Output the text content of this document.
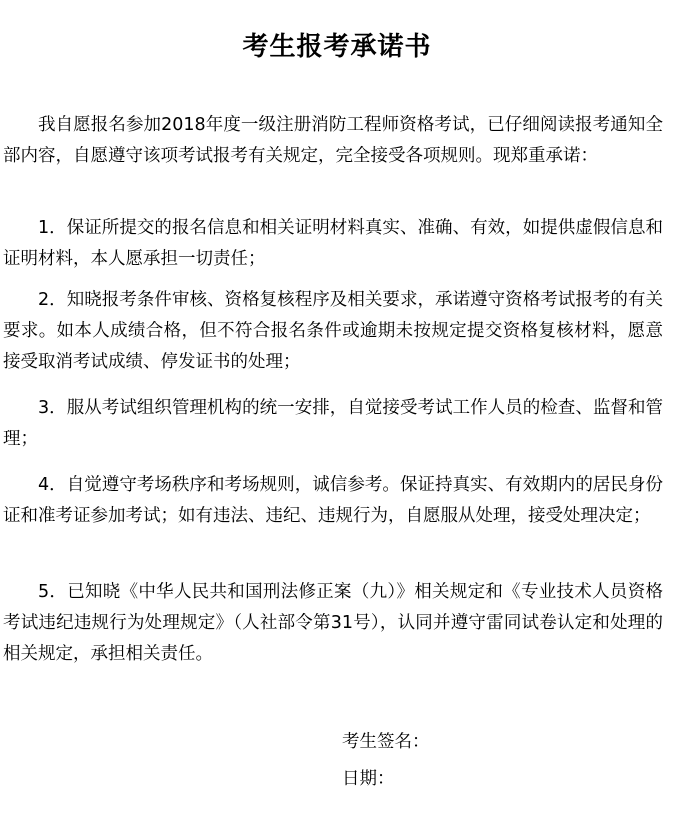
考生报考承诺书

我自愿报名参加2018年度一级注册消防工程师资格考试，已仔细阅读报考通知全部内容，自愿遵守该项考试报考有关规定，完全接受各项规则。现郑重承诺：

1．保证所提交的报名信息和相关证明材料真实、准确、有效，如提供虚假信息和证明材料，本人愿承担一切责任；

2．知晓报考条件审核、资格复核程序及相关要求，承诺遵守资格考试报考的有关要求。如本人成绩合格，但不符合报名条件或逾期未按规定提交资格复核材料，愿意接受取消考试成绩、停发证书的处理；

3．服从考试组织管理机构的统一安排，自觉接受考试工作人员的检查、监督和管理；

4．自觉遵守考场秩序和考场规则，诚信参考。保证持真实、有效期内的居民身份证和准考证参加考试；如有违法、违纪、违规行为，自愿服从处理，接受处理决定；

5．已知晓《中华人民共和国刑法修正案（九）》相关规定和《专业技术人员资格考试违纪违规行为处理规定》（人社部令第31号），认同并遵守雷同试卷认定和处理的相关规定，承担相关责任。

考生签名：
日期：
